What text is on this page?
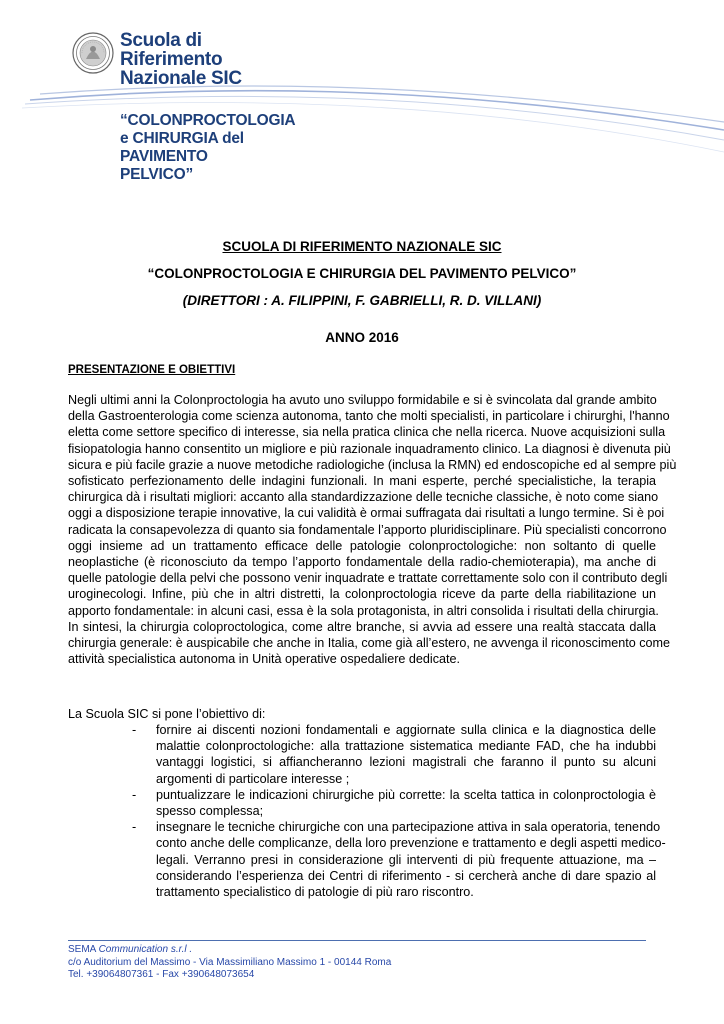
Scuola di
Riferimento
Nazionale SIC
“COLONPROCTOLOGIA
e CHIRURGIA del
PAVIMENTO
PELVICO”
SCUOLA DI RIFERIMENTO NAZIONALE SIC
“COLONPROCTOLOGIA E CHIRURGIA DEL PAVIMENTO PELVICO”
(DIRETTORI : A. FILIPPINI, F. GABRIELLI, R. D. VILLANI)
ANNO 2016
PRESENTAZIONE E OBIETTIVI
Negli ultimi anni la Colonproctologia ha avuto uno sviluppo formidabile e si è svincolata dal grande ambito
della Gastroenterologia come scienza autonoma, tanto che molti specialisti, in particolare i chirurghi, l'hanno
eletta come settore specifico di interesse, sia nella pratica clinica che nella ricerca. Nuove acquisizioni sulla
fisiopatologia hanno consentito un migliore e più razionale inquadramento clinico. La diagnosi è divenuta più
sicura e più facile grazie a nuove metodiche radiologiche (inclusa la RMN) ed endoscopiche ed al sempre più
sofisticato perfezionamento delle indagini funzionali. In mani esperte, perché specialistiche, la terapia
chirurgica dà i risultati migliori: accanto alla standardizzazione delle tecniche classiche, è noto come siano
oggi a disposizione terapie innovative, la cui validità è ormai suffragata dai risultati a lungo termine. Si è poi
radicata la consapevolezza di quanto sia fondamentale l’apporto pluridisciplinare. Più specialisti concorrono
oggi insieme ad un trattamento efficace delle patologie colonproctologiche: non soltanto di quelle
neoplastiche (è riconosciuto da tempo l’apporto fondamentale della radio-chemioterapia), ma anche di
quelle patologie della pelvi che possono venir inquadrate e trattate correttamente solo con il contributo degli
uroginecologi. Infine, più che in altri distretti, la colonproctologia riceve da parte della riabilitazione un
apporto fondamentale: in alcuni casi, essa è la sola protagonista, in altri consolida i risultati della chirurgia.
In sintesi, la chirurgia coloproctologica, come altre branche, si avvia ad essere una realtà staccata dalla
chirurgia generale: è auspicabile che anche in Italia, come già all’estero, ne avvenga il riconoscimento come
attività specialistica autonoma in Unità operative ospedaliere dedicate.
La Scuola SIC si pone l’obiettivo di:
- fornire ai discenti nozioni fondamentali e aggiornate sulla clinica e la diagnostica delle
malattie colonproctologiche: alla trattazione sistematica mediante FAD, che ha indubbi
vantaggi logistici, si affiancheranno lezioni magistrali che faranno il punto su alcuni
argomenti di particolare interesse ;
- puntualizzare le indicazioni chirurgiche più corrette: la scelta tattica in colonproctologia è
spesso complessa;
- insegnare le tecniche chirurgiche con una partecipazione attiva in sala operatoria, tenendo
conto anche delle complicanze, della loro prevenzione e trattamento e degli aspetti medico-
legali. Verranno presi in considerazione gli interventi di più frequente attuazione, ma –
considerando l’esperienza dei Centri di riferimento - si cercherà anche di dare spazio al
trattamento specialistico di patologie di più raro riscontro.
SEMA Communication s.r.l .
c/o Auditorium del Massimo - Via Massimiliano Massimo 1 - 00144 Roma
Tel. +39064807361 - Fax +390648073654
